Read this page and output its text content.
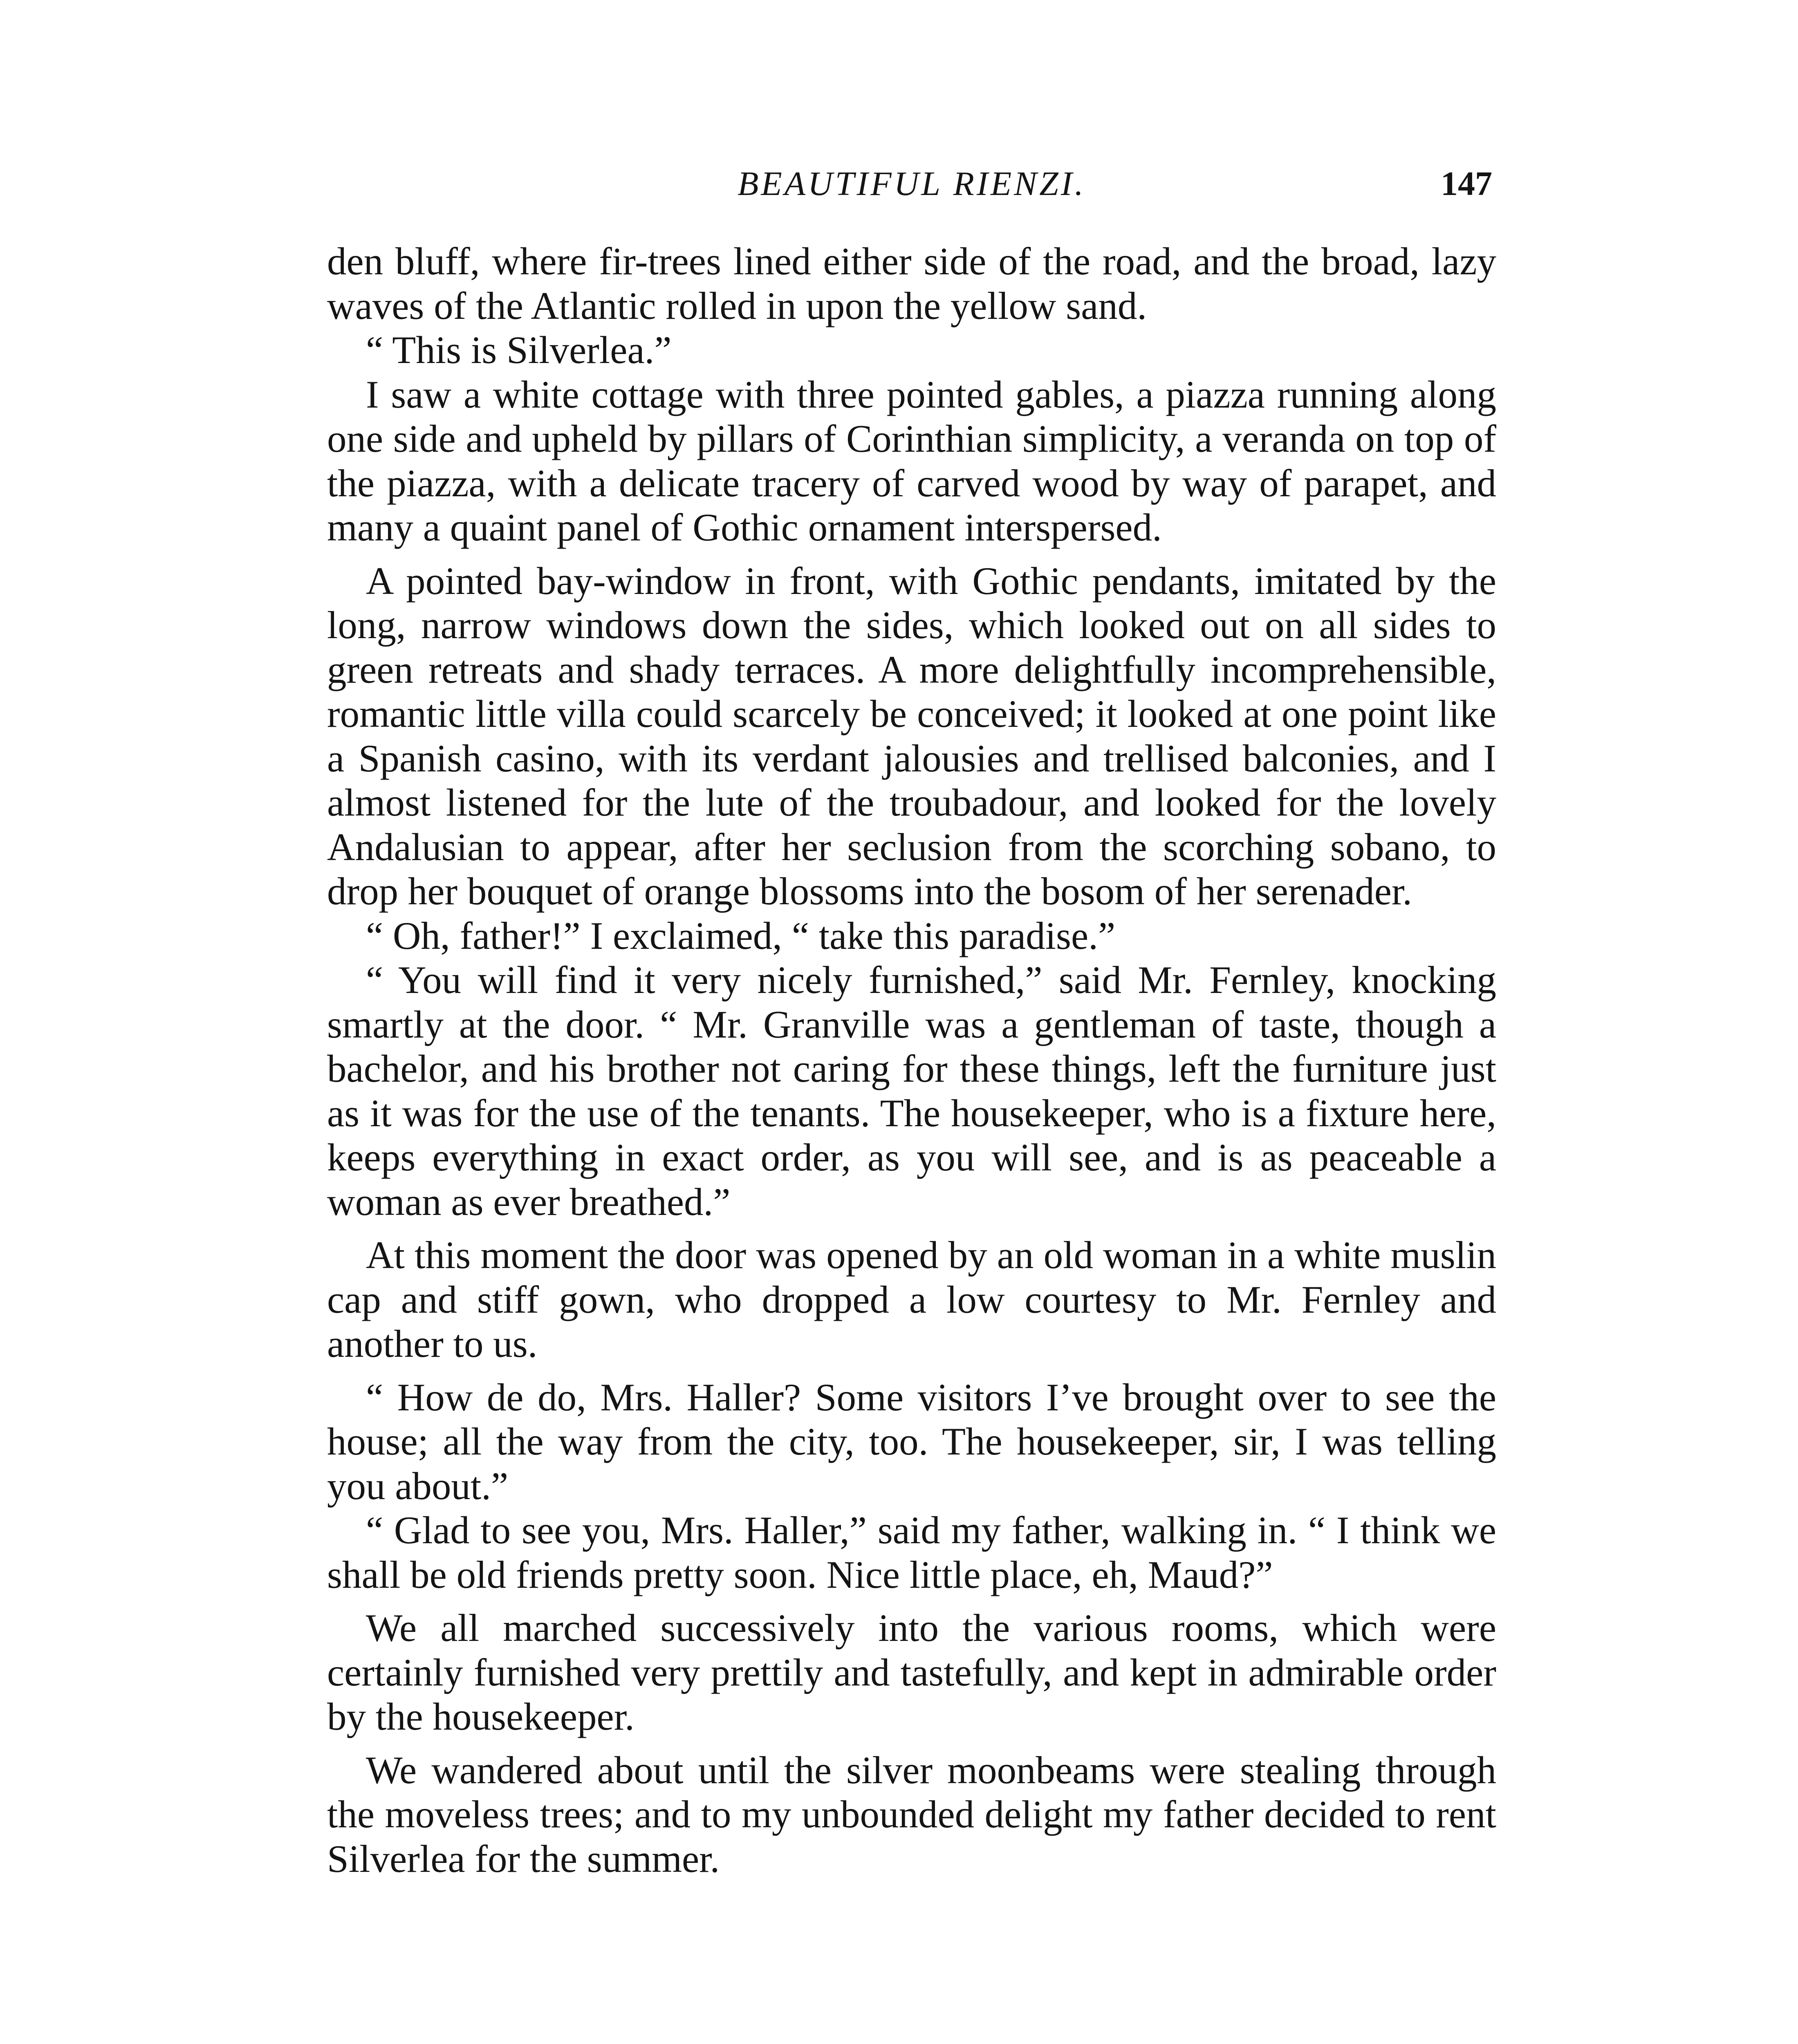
BEAUTIFUL RIENZI.	147

den bluff, where fir-trees lined either side of the road, and the broad, lazy waves of the Atlantic rolled in upon the yellow sand.

“ This is Silverlea.”

I saw a white cottage with three pointed gables, a piazza running along one side and upheld by pillars of Corinthian simplicity, a veranda on top of the piazza, with a delicate tracery of carved wood by way of parapet, and many a quaint panel of Gothic ornament interspersed.

A pointed bay-window in front, with Gothic pendants, imitated by the long, narrow windows down the sides, which looked out on all sides to green retreats and shady terraces. A more delightfully incomprehensible, romantic little villa could scarcely be conceived; it looked at one point like a Spanish casino, with its verdant jalousies and trellised balconies, and I almost listened for the lute of the troubadour, and looked for the lovely Andalusian to appear, after her seclusion from the scorching sobano, to drop her bouquet of orange blossoms into the bosom of her serenader.

“ Oh, father!” I exclaimed, “ take this paradise.”

“ You will find it very nicely furnished,” said Mr. Fernley, knocking smartly at the door. “ Mr. Granville was a gentleman of taste, though a bachelor, and his brother not caring for these things, left the furniture just as it was for the use of the tenants. The housekeeper, who is a fixture here, keeps everything in exact order, as you will see, and is as peaceable a woman as ever breathed.”

At this moment the door was opened by an old woman in a white muslin cap and stiff gown, who dropped a low courtesy to Mr. Fernley and another to us.

“ How de do, Mrs. Haller? Some visitors I’ve brought over to see the house; all the way from the city, too. The housekeeper, sir, I was telling you about.”

“ Glad to see you, Mrs. Haller,” said my father, walking in. “ I think we shall be old friends pretty soon. Nice little place, eh, Maud?”

We all marched successively into the various rooms, which were certainly furnished very prettily and tastefully, and kept in admirable order by the housekeeper.

We wandered about until the silver moonbeams were stealing through the moveless trees; and to my unbounded delight my father decided to rent Silverlea for the summer.
